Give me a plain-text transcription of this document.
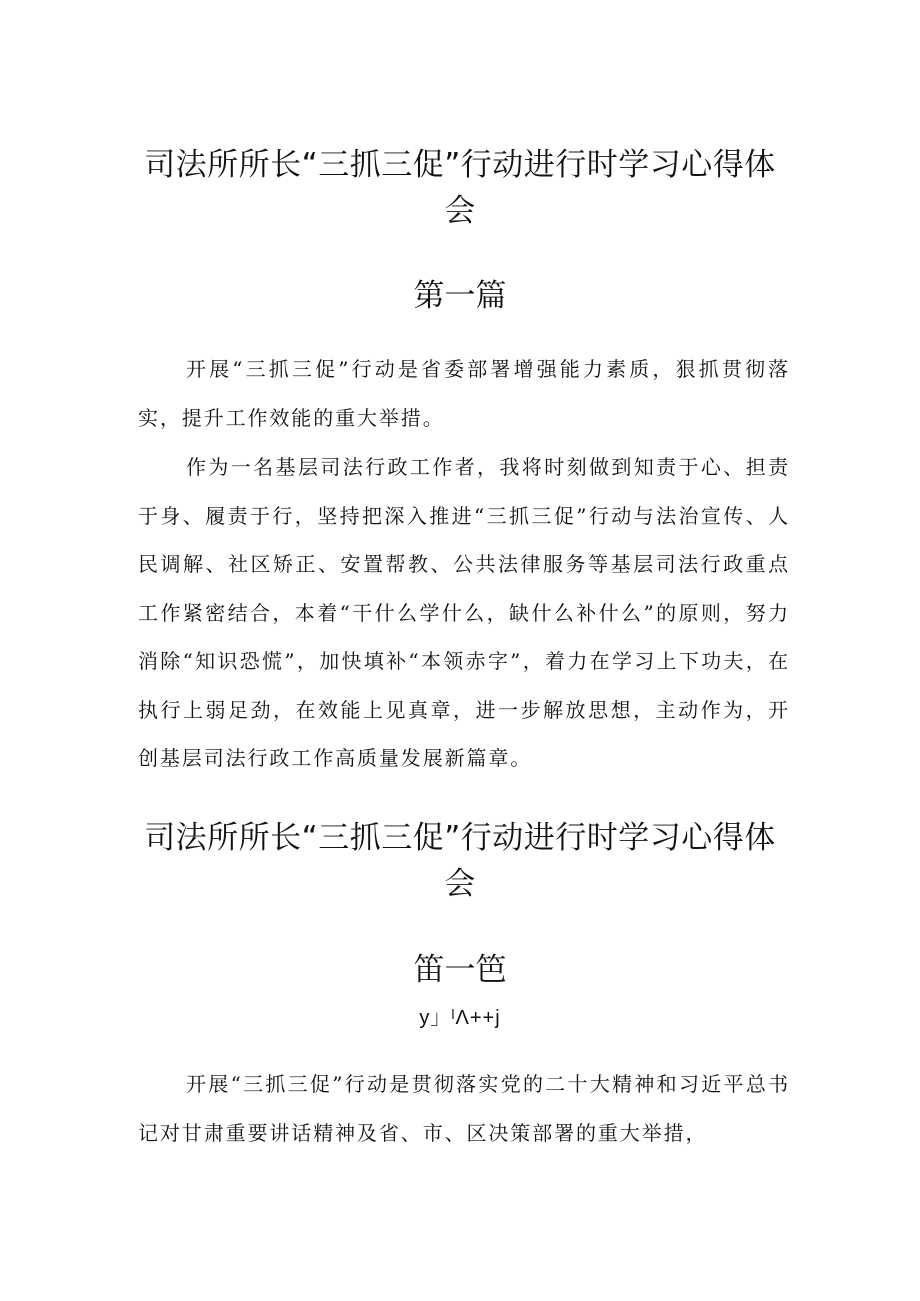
司法所所长“三抓三促”行动进行时学习心得体会
第一篇

开展“三抓三促”行动是省委部署增强能力素质，狠抓贯彻落实，提升工作效能的重大举措。

作为一名基层司法行政工作者，我将时刻做到知责于心、担责于身、履责于行，坚持把深入推进“三抓三促”行动与法治宣传、人民调解、社区矫正、安置帮教、公共法律服务等基层司法行政重点工作紧密结合，本着“干什么学什么，缺什么补什么”的原则，努力消除“知识恐慌”，加快填补“本领赤字”，着力在学习上下功夫，在执行上弱足劲，在效能上见真章，进一步解放思想，主动作为，开创基层司法行政工作高质量发展新篇章。

司法所所长“三抓三促”行动进行时学习心得体会
笛一笆
y」ˡΛ++j

开展“三抓三促”行动是贯彻落实党的二十大精神和习近平总书记对甘肃重要讲话精神及省、市、区决策部署的重大举措，
